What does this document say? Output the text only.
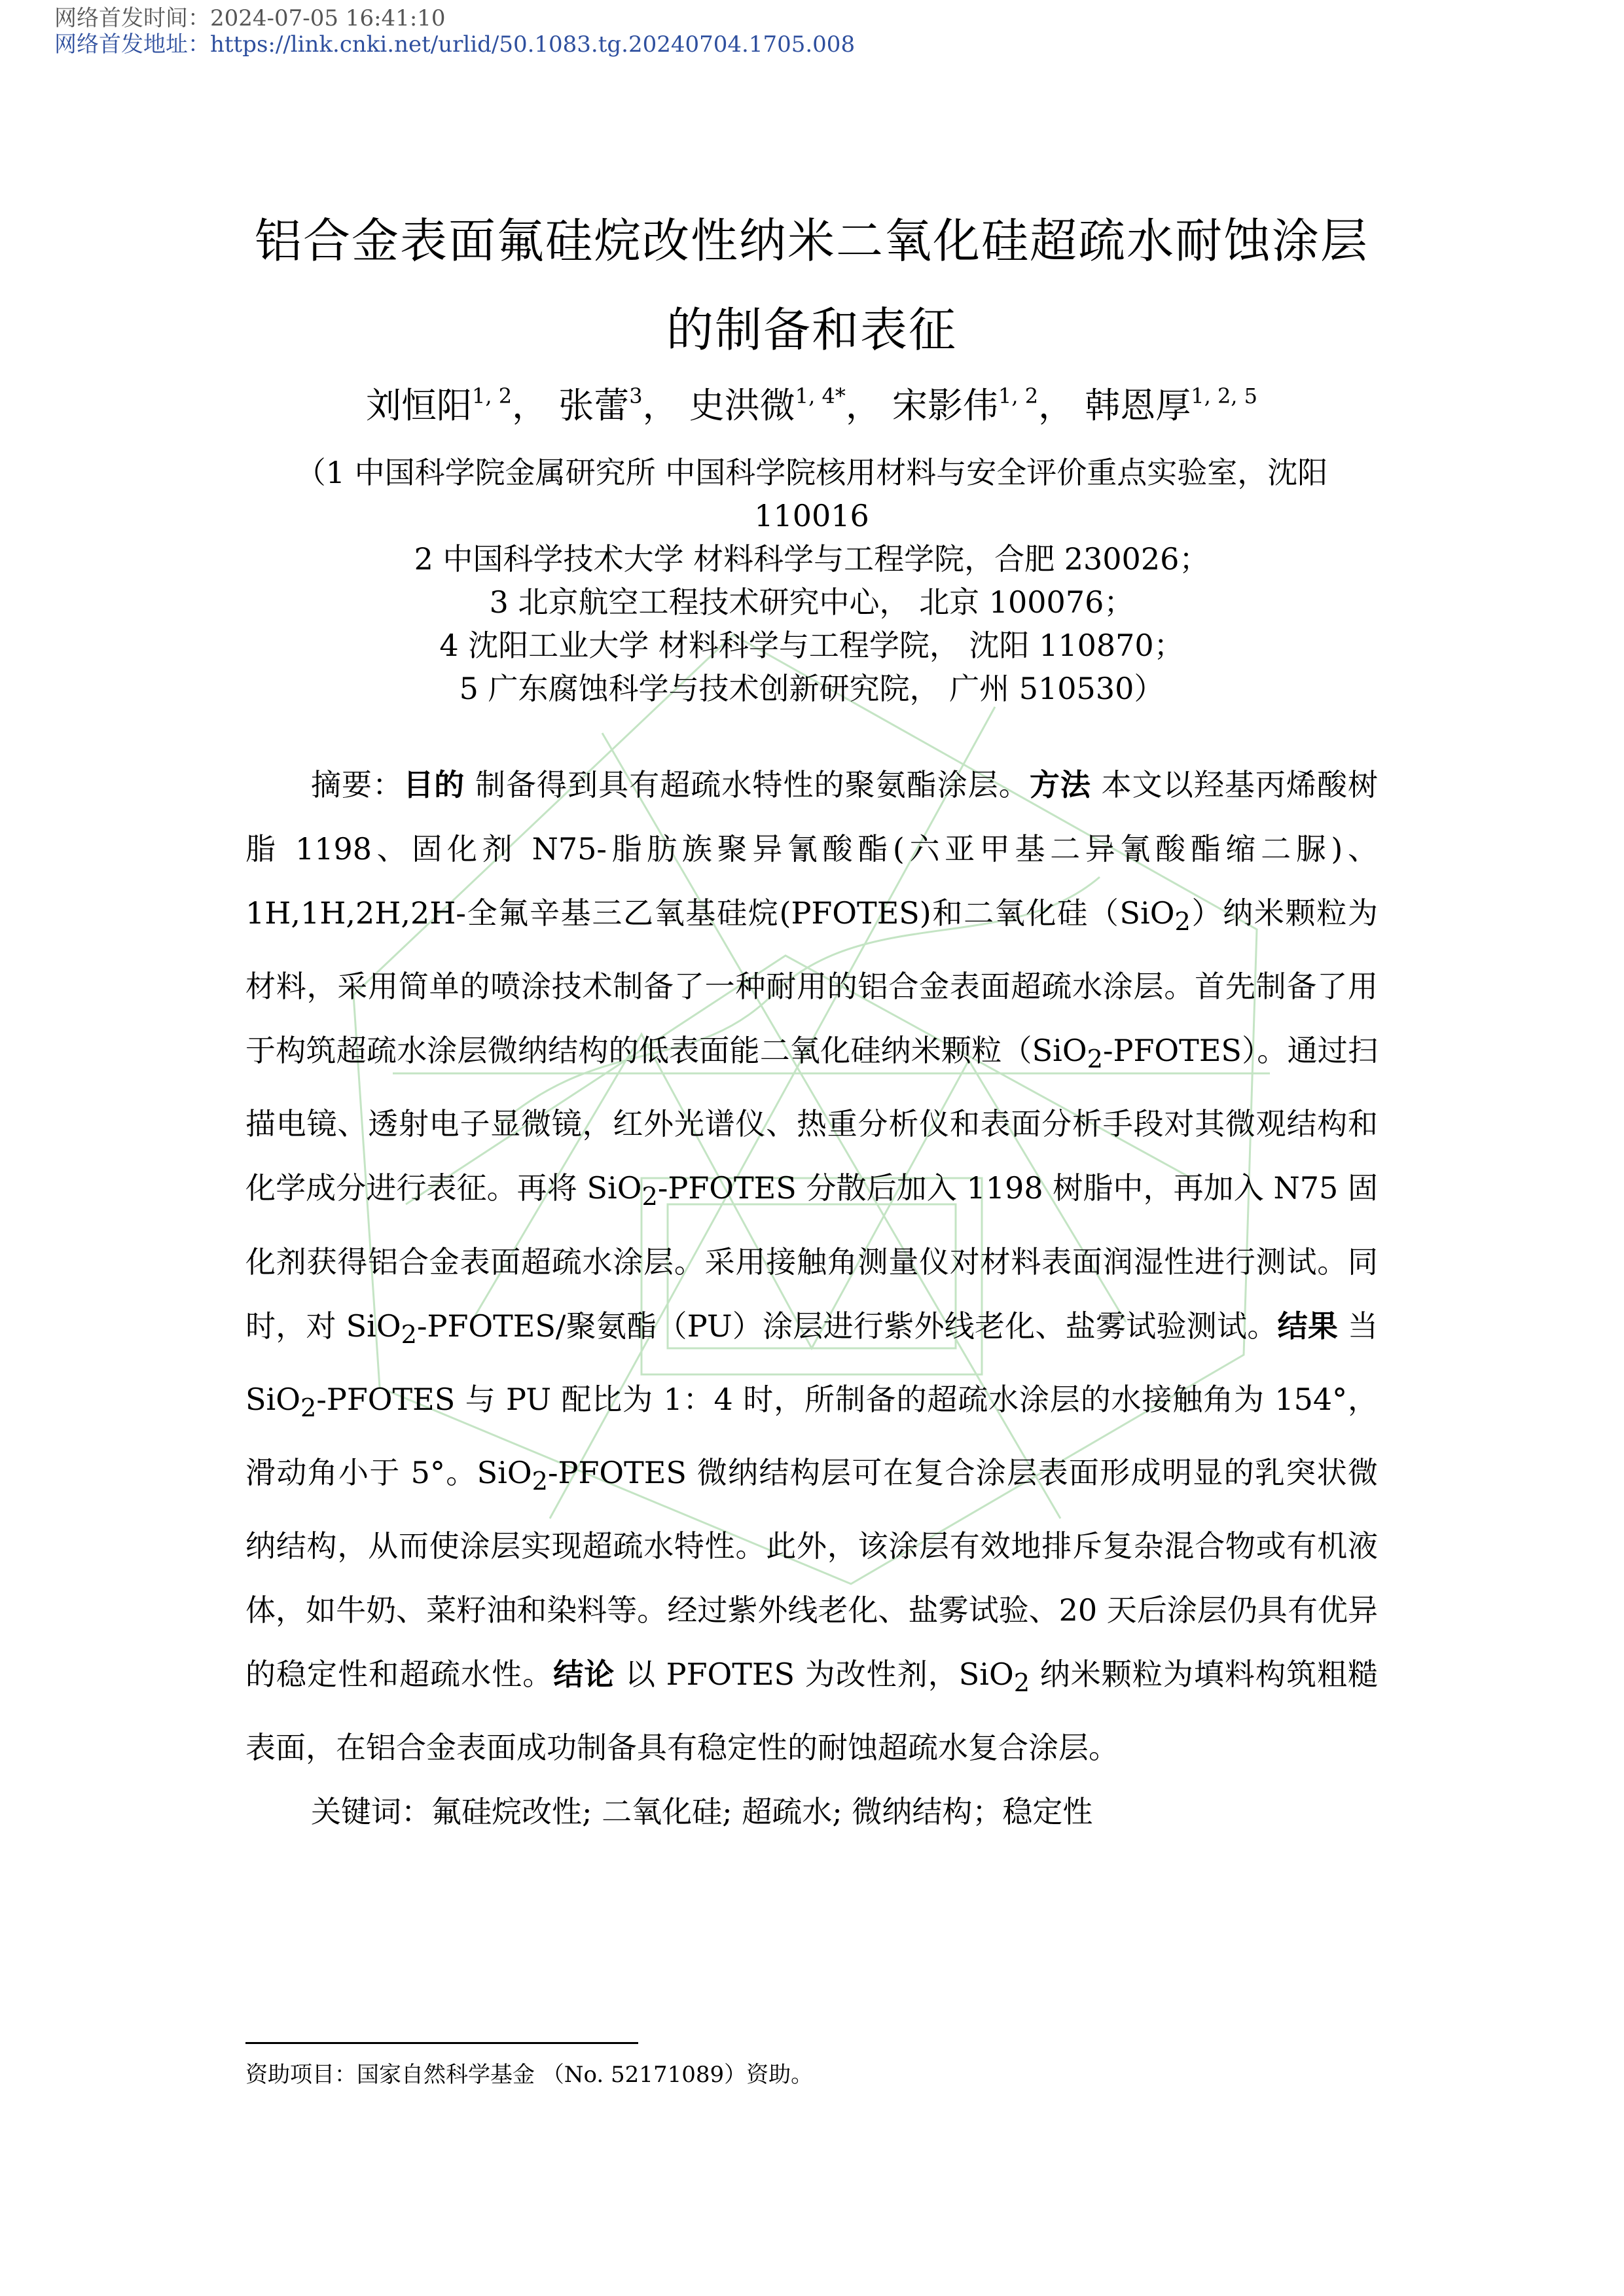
网络首发时间：2024-07-05 16:41:10
网络首发地址：https://link.cnki.net/urlid/50.1083.tg.20240704.1705.008
铝合金表面氟硅烷改性纳米二氧化硅超疏水耐蚀涂层
的制备和表征
刘恒阳$^{1, 2}$， 张蕾$^3$， 史洪微$^{1, 4*}$， 宋影伟$^{1, 2}$， 韩恩厚$^{1, 2, 5}$
（1 中国科学院金属研究所 中国科学院核用材料与安全评价重点实验室，沈阳
110016
2 中国科学技术大学 材料科学与工程学院，合肥 230026；
3 北京航空工程技术研究中心， 北京 100076；
4 沈阳工业大学 材料科学与工程学院， 沈阳 110870；
5 广东腐蚀科学与技术创新研究院， 广州 510530）

摘要：目的 制备得到具有超疏水特性的聚氨酯涂层。方法 本文以羟基丙烯酸树脂 1198、固化剂 N75-脂肪族聚异氰酸酯(六亚甲基二异氰酸酯缩二脲)、1H,1H,2H,2H-全氟辛基三乙氧基硅烷(PFOTES)和二氧化硅（SiO$_2$）纳米颗粒为材料，采用简单的喷涂技术制备了一种耐用的铝合金表面超疏水涂层。首先制备了用于构筑超疏水涂层微纳结构的低表面能二氧化硅纳米颗粒（SiO$_2$-PFOTES）。通过扫描电镜、透射电子显微镜，红外光谱仪、热重分析仪和表面分析手段对其微观结构和化学成分进行表征。再将 SiO$_2$-PFOTES 分散后加入 1198 树脂中，再加入 N75 固化剂获得铝合金表面超疏水涂层。采用接触角测量仪对材料表面润湿性进行测试。同时，对 SiO$_2$-PFOTES/聚氨酯（PU）涂层进行紫外线老化、盐雾试验测试。结果 当 SiO$_2$-PFOTES 与 PU 配比为 1：4 时，所制备的超疏水涂层的水接触角为 154°，滑动角小于 5°。SiO$_2$-PFOTES 微纳结构层可在复合涂层表面形成明显的乳突状微纳结构，从而使涂层实现超疏水特性。此外，该涂层有效地排斥复杂混合物或有机液体，如牛奶、菜籽油和染料等。经过紫外线老化、盐雾试验、20 天后涂层仍具有优异的稳定性和超疏水性。结论 以 PFOTES 为改性剂，SiO$_2$ 纳米颗粒为填料构筑粗糙表面，在铝合金表面成功制备具有稳定性的耐蚀超疏水复合涂层。

关键词：氟硅烷改性; 二氧化硅; 超疏水; 微纳结构；稳定性

资助项目：国家自然科学基金 （No. 52171089）资助。
